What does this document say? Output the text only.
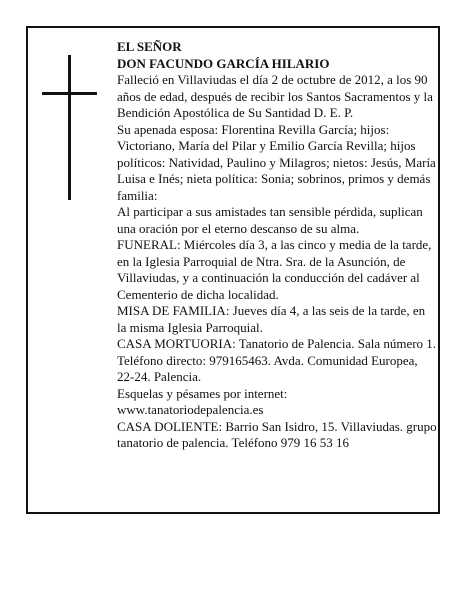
EL SEÑOR

DON FACUNDO GARCÍA HILARIO

Falleció en Villaviudas el día 2 de octubre de 2012, a los 90 años de edad, después de recibir los Santos Sacramentos y la Bendición Apostólica de Su Santidad D. E. P.

Su apenada esposa: Florentina Revilla García; hijos: Victoriano, María del Pilar y Emilio García Revilla; hijos políticos: Natividad, Paulino y Milagros; nietos: Jesús, María Luisa e Inés; nieta política: Sonia; sobrinos, primos y demás familia:

Al participar a sus amistades tan sensible pérdida, suplican una oración por el eterno descanso de su alma.

FUNERAL: Miércoles día 3, a las cinco y media de la tarde, en la Iglesia Parroquial de Ntra. Sra. de la Asunción, de Villaviudas, y a continuación la conducción del cadáver al Cementerio de dicha localidad.

MISA DE FAMILIA: Jueves día 4, a las seis de la tarde, en la misma Iglesia Parroquial.

CASA MORTUORIA: Tanatorio de Palencia. Sala número 1. Teléfono directo: 979165463. Avda. Comunidad Europea, 22-24. Palencia.

Esquelas y pésames por internet: www.tanatoriodepalencia.es

CASA DOLIENTE: Barrio San Isidro, 15. Villaviudas. grupo tanatorio de palencia. Teléfono 979 16 53 16
